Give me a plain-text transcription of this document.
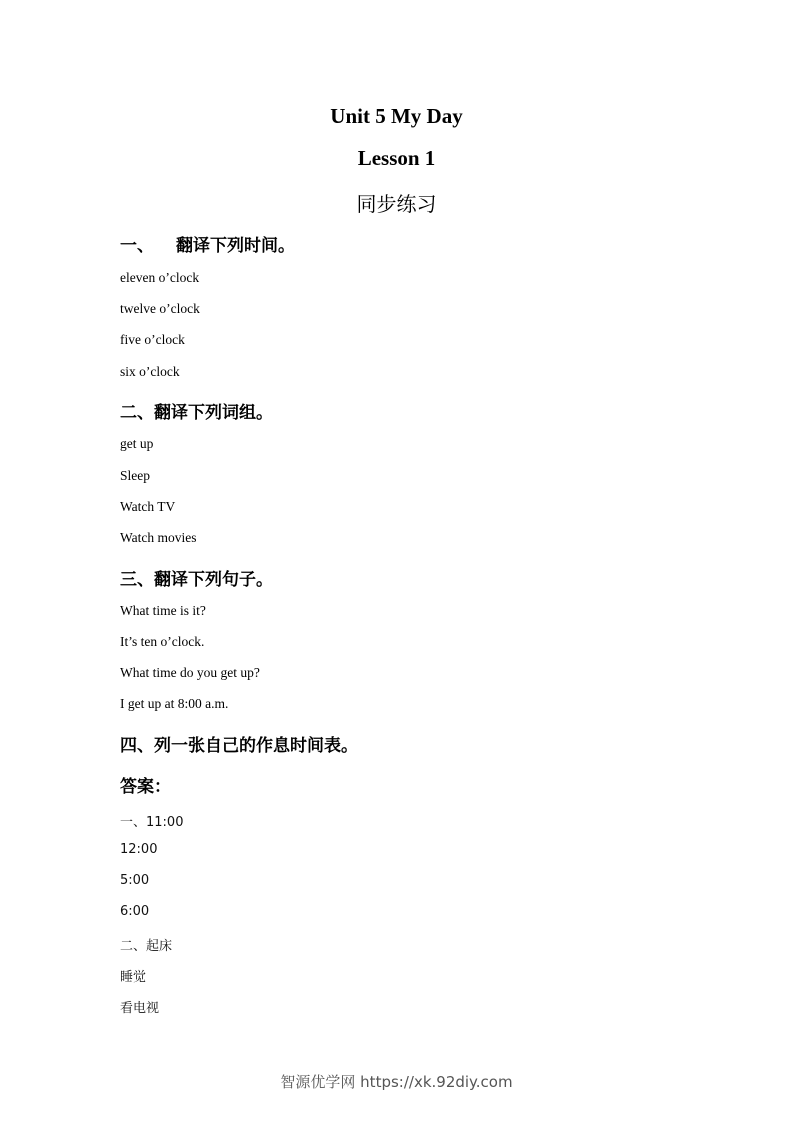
Unit 5 My Day
Lesson 1
同步练习
一、 翻译下列时间。
eleven o’clock
twelve o’clock
five o’clock
six o’clock
二、翻译下列词组。
get up
Sleep
Watch TV
Watch movies
三、翻译下列句子。
What time is it?
It’s ten o’clock.
What time do you get up?
I get up at 8:00 a.m.
四、列一张自己的作息时间表。
答案：
一、11:00
12:00
5:00
6:00
二、起床
睡觉
看电视
智源优学网 https://xk.92diy.com
